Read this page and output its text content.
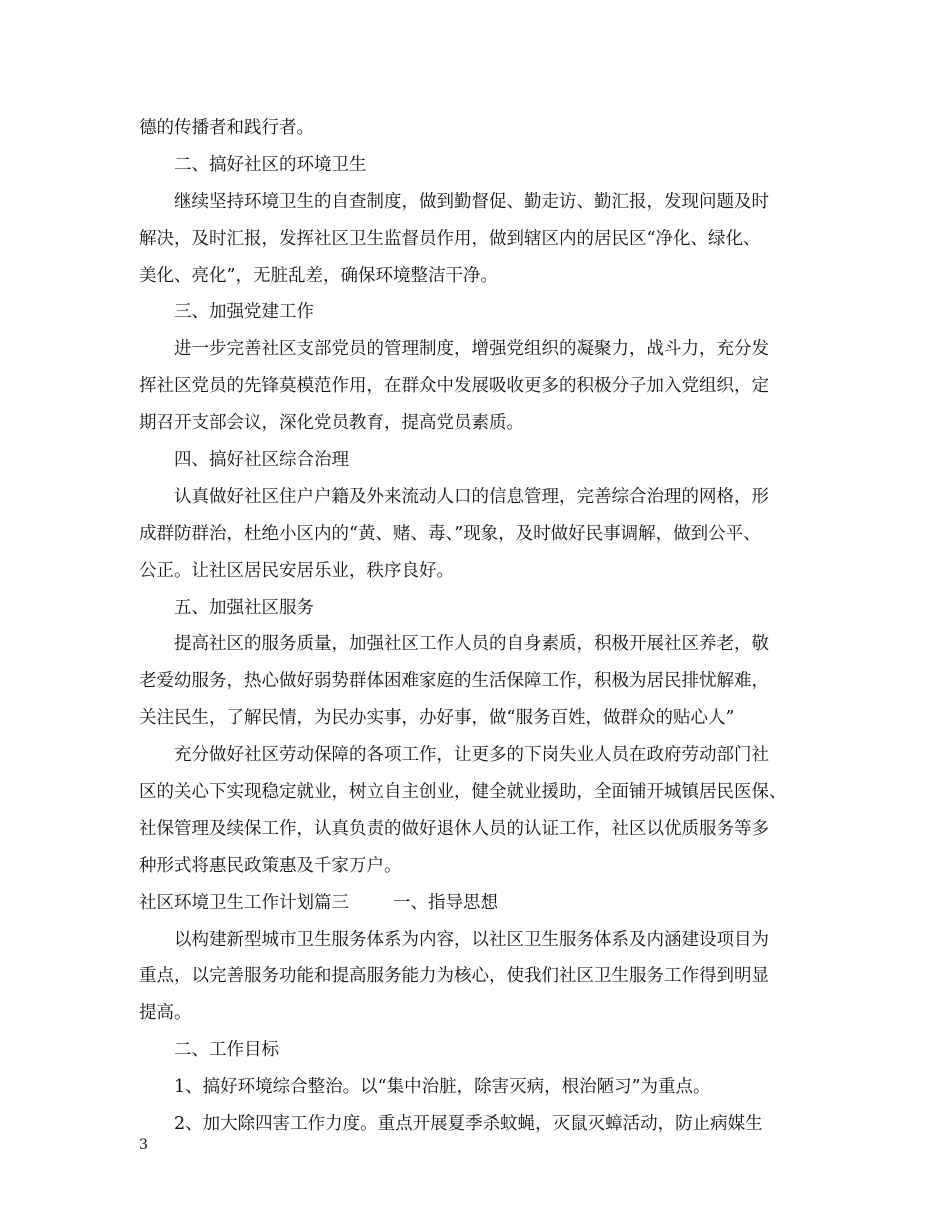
德的传播者和践行者。
二、搞好社区的环境卫生
继续坚持环境卫生的自查制度，做到勤督促、勤走访、勤汇报，发现问题及时
解决，及时汇报，发挥社区卫生监督员作用，做到辖区内的居民区“净化、绿化、
美化、亮化”，无脏乱差，确保环境整洁干净。
三、加强党建工作
进一步完善社区支部党员的管理制度，增强党组织的凝聚力，战斗力，充分发
挥社区党员的先锋莫模范作用，在群众中发展吸收更多的积极分子加入党组织，定
期召开支部会议，深化党员教育，提高党员素质。
四、搞好社区综合治理
认真做好社区住户户籍及外来流动人口的信息管理，完善综合治理的网格，形
成群防群治，杜绝小区内的“黄、赌、毒、”现象，及时做好民事调解，做到公平、
公正。让社区居民安居乐业，秩序良好。
五、加强社区服务
提高社区的服务质量，加强社区工作人员的自身素质，积极开展社区养老，敬
老爱幼服务，热心做好弱势群体困难家庭的生活保障工作，积极为居民排忧解难，
关注民生，了解民情，为民办实事，办好事，做“服务百姓，做群众的贴心人”
充分做好社区劳动保障的各项工作，让更多的下岗失业人员在政府劳动部门社
区的关心下实现稳定就业，树立自主创业，健全就业援助，全面铺开城镇居民医保、
社保管理及续保工作，认真负责的做好退休人员的认证工作，社区以优质服务等多
种形式将惠民政策惠及千家万户。
社区环境卫生工作计划篇三	一、指导思想
以构建新型城市卫生服务体系为内容，以社区卫生服务体系及内涵建设项目为
重点，以完善服务功能和提高服务能力为核心，使我们社区卫生服务工作得到明显
提高。
二、工作目标
1、搞好环境综合整治。以“集中治脏，除害灭病，根治陋习”为重点。
2、加大除四害工作力度。重点开展夏季杀蚊蝇，灭鼠灭蟑活动，防止病媒生
3
